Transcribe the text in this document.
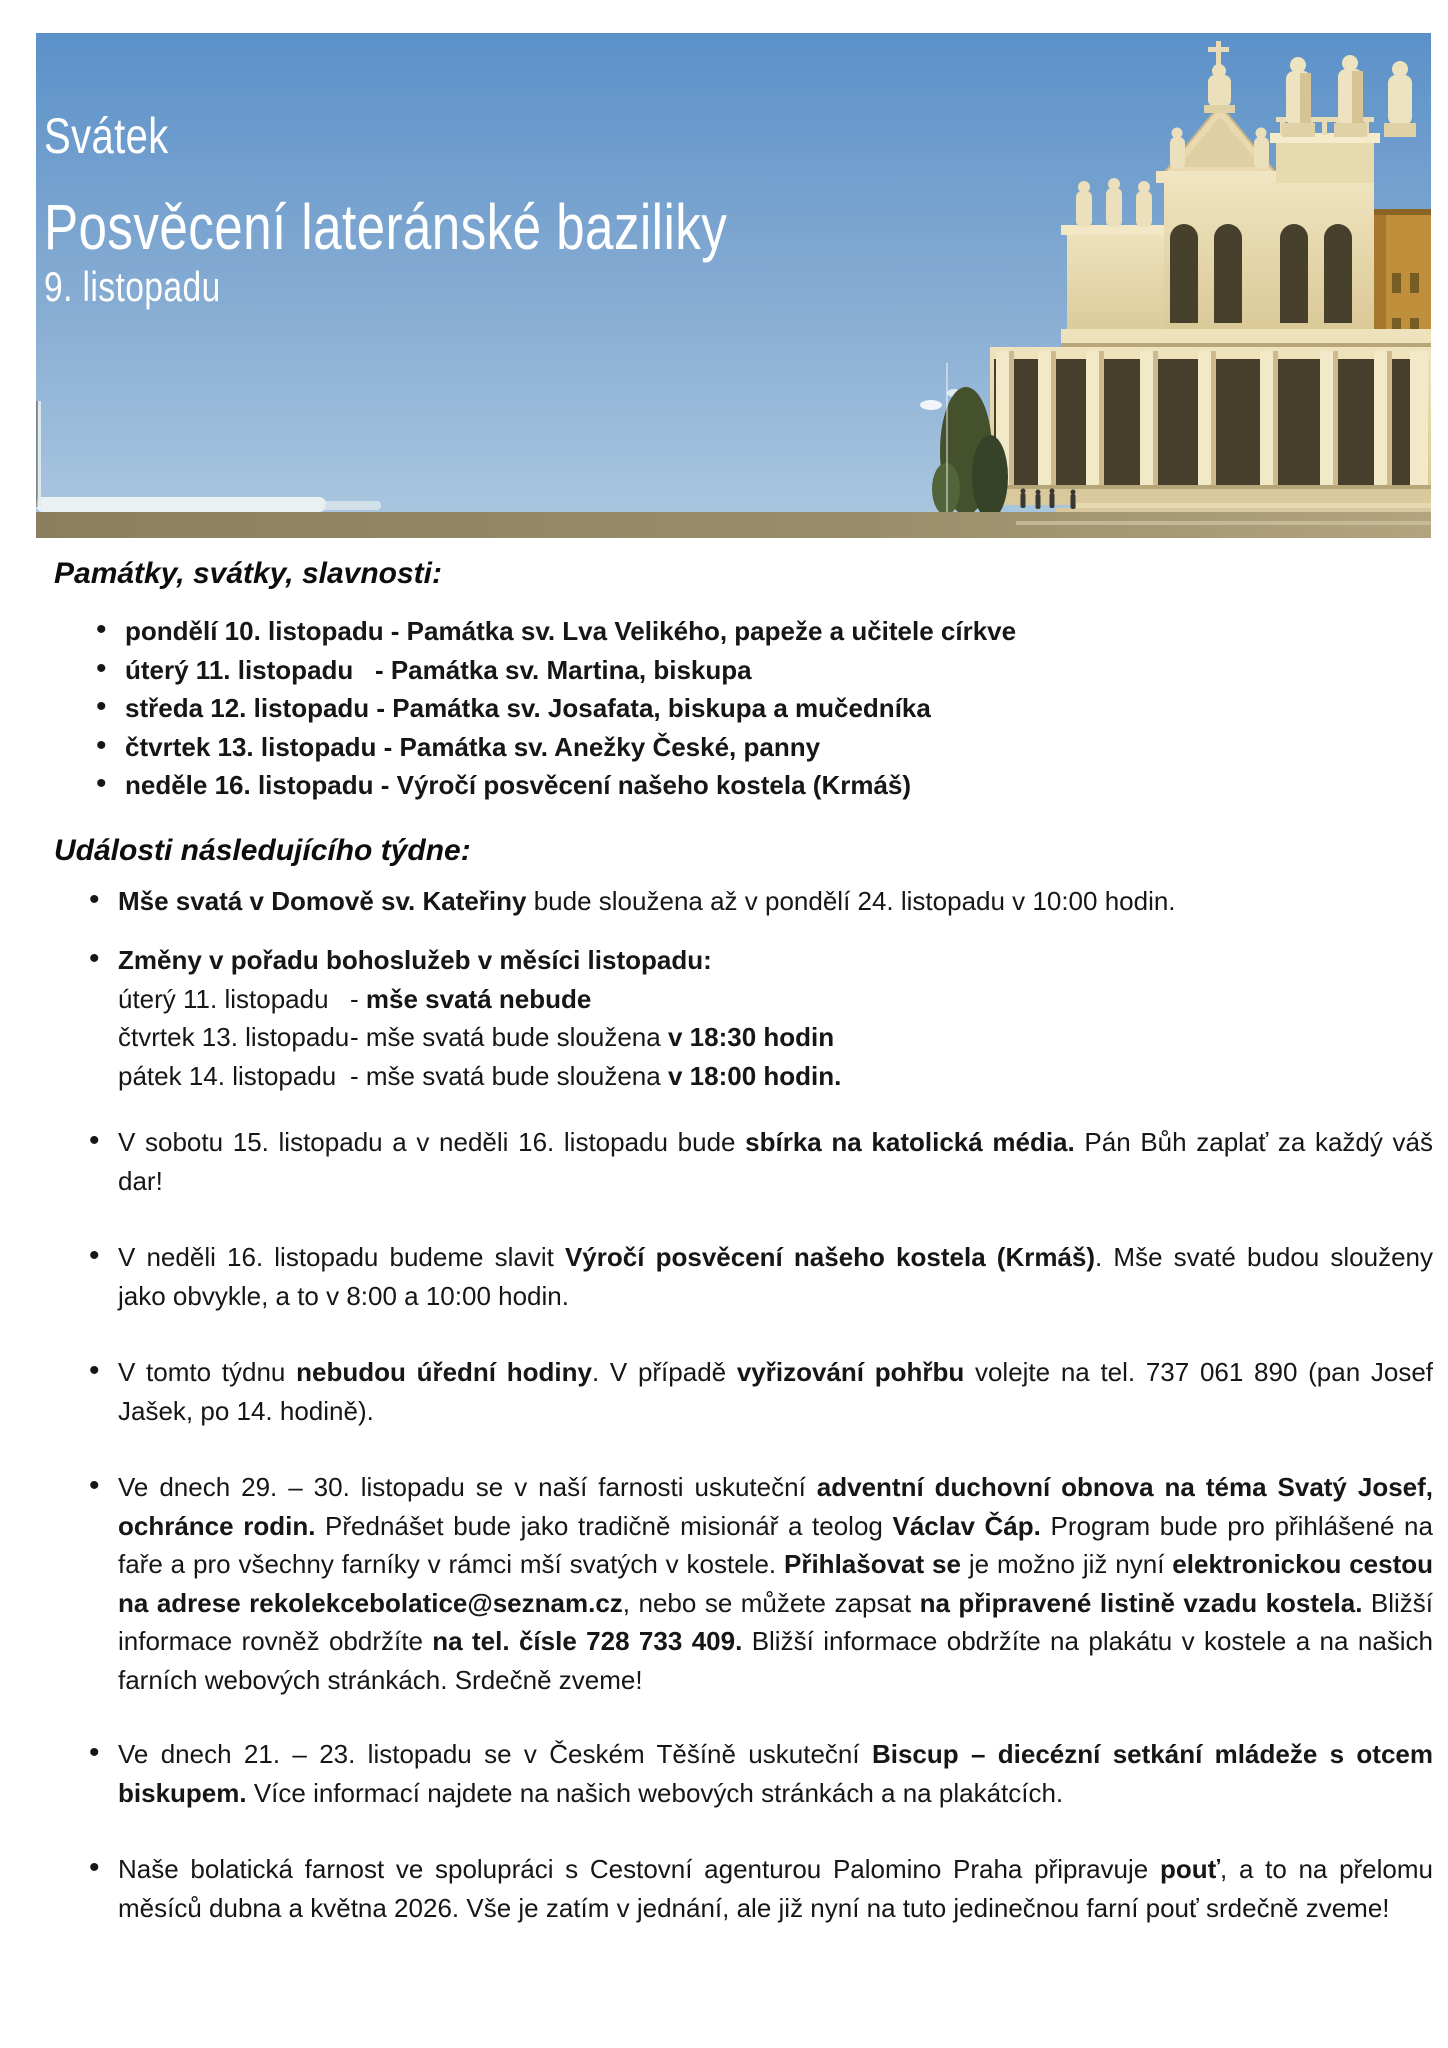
Svátek
Posvěcení lateránské baziliky
9. listopadu
Památky, svátky, slavnosti:
• pondělí 10. listopadu - Památka sv. Lva Velikého, papeže a učitele církve
• úterý 11. listopadu   - Památka sv. Martina, biskupa
• středa 12. listopadu - Památka sv. Josafata, biskupa a mučedníka
• čtvrtek 13. listopadu - Památka sv. Anežky České, panny
• neděle 16. listopadu - Výročí posvěcení našeho kostela (Krmáš)
Události následujícího týdne:
• Mše svatá v Domově sv. Kateřiny bude sloužena až v pondělí 24. listopadu v 10:00 hodin.
• Změny v pořadu bohoslužeb v měsíci listopadu:
úterý 11. listopadu - mše svatá nebude
čtvrtek 13. listopadu - mše svatá bude sloužena v 18:30 hodin
pátek 14. listopadu - mše svatá bude sloužena v 18:00 hodin.
• V sobotu 15. listopadu a v neděli 16. listopadu bude sbírka na katolická média. Pán Bůh zaplať za každý váš dar!
• V neděli 16. listopadu budeme slavit Výročí posvěcení našeho kostela (Krmáš). Mše svaté budou slouženy jako obvykle, a to v 8:00 a 10:00 hodin.
• V tomto týdnu nebudou úřední hodiny. V případě vyřizování pohřbu volejte na tel. 737 061 890 (pan Josef Jašek, po 14. hodině).
• Ve dnech 29. – 30. listopadu se v naší farnosti uskuteční adventní duchovní obnova na téma Svatý Josef, ochránce rodin. Přednášet bude jako tradičně misionář a teolog Václav Čáp. Program bude pro přihlášené na faře a pro všechny farníky v rámci mší svatých v kostele. Přihlašovat se je možno již nyní elektronickou cestou na adrese rekolekcebolatice@seznam.cz, nebo se můžete zapsat na připravené listině vzadu kostela. Bližší informace rovněž obdržíte na tel. čísle 728 733 409. Bližší informace obdržíte na plakátu v kostele a na našich farních webových stránkách. Srdečně zveme!
• Ve dnech 21. – 23. listopadu se v Českém Těšíně uskuteční Biscup – diecézní setkání mládeže s otcem biskupem. Více informací najdete na našich webových stránkách a na plakátcích.
• Naše bolatická farnost ve spolupráci s Cestovní agenturou Palomino Praha připravuje pouť, a to na přelomu měsíců dubna a května 2026. Vše je zatím v jednání, ale již nyní na tuto jedinečnou farní pouť srdečně zveme!
